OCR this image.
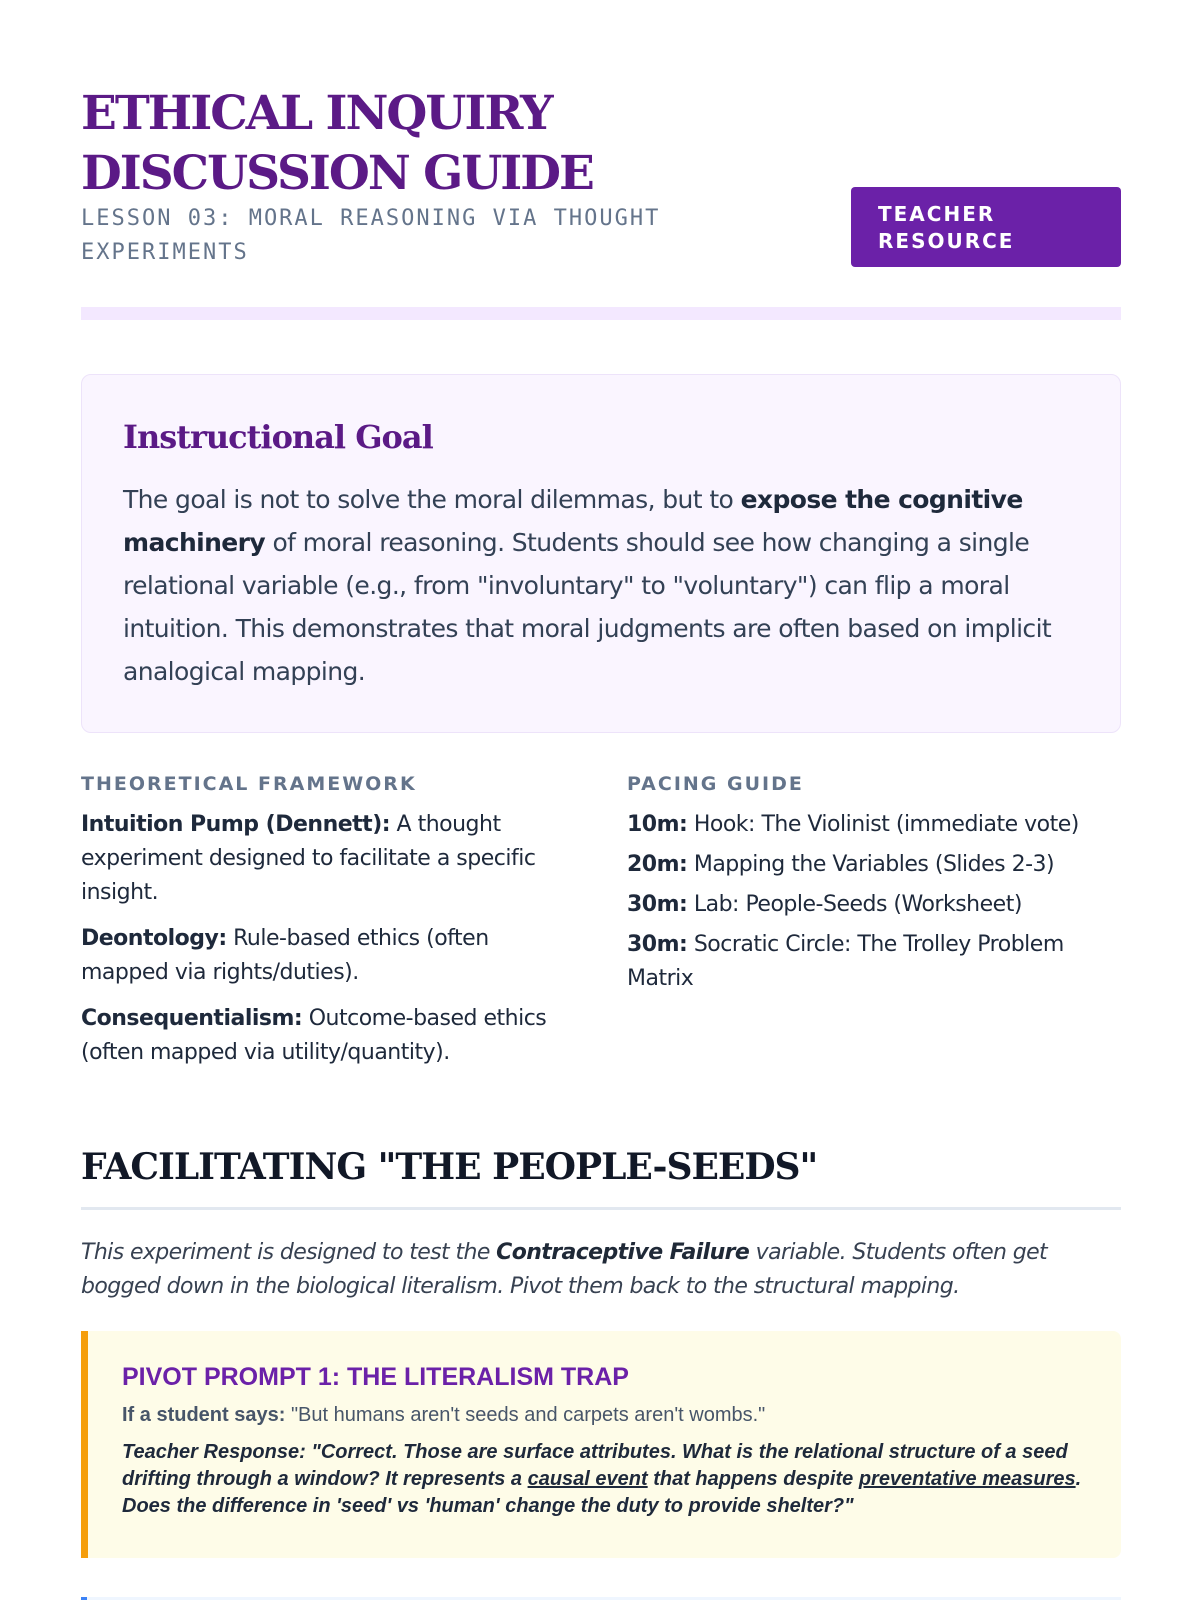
ETHICAL INQUIRY DISCUSSION GUIDE
LESSON 03: MORAL REASONING VIA THOUGHT EXPERIMENTS
TEACHER RESOURCE
Instructional Goal

The goal is not to solve the moral dilemmas, but to expose the cognitive machinery of moral reasoning. Students should see how changing a single relational variable (e.g., from "involuntary" to "voluntary") can flip a moral intuition. This demonstrates that moral judgments are often based on implicit analogical mapping.

THEORETICAL FRAMEWORK
Intuition Pump (Dennett): A thought experiment designed to facilitate a specific insight.
Deontology: Rule-based ethics (often mapped via rights/duties).
Consequentialism: Outcome-based ethics (often mapped via utility/quantity).
PACING GUIDE
10m: Hook: The Violinist (immediate vote)
20m: Mapping the Variables (Slides 2-3)
30m: Lab: People-Seeds (Worksheet)
30m: Socratic Circle: The Trolley Problem Matrix
FACILITATING "THE PEOPLE-SEEDS"

This experiment is designed to test the Contraceptive Failure variable. Students often get bogged down in the biological literalism. Pivot them back to the structural mapping.

PIVOT PROMPT 1: THE LITERALISM TRAP
If a student says: "But humans aren't seeds and carpets aren't wombs."
Teacher Response: "Correct. Those are surface attributes. What is the relational structure of a seed drifting through a window? It represents a causal event that happens despite preventative measures. Does the difference in 'seed' vs 'human' change the duty to provide shelter?"
